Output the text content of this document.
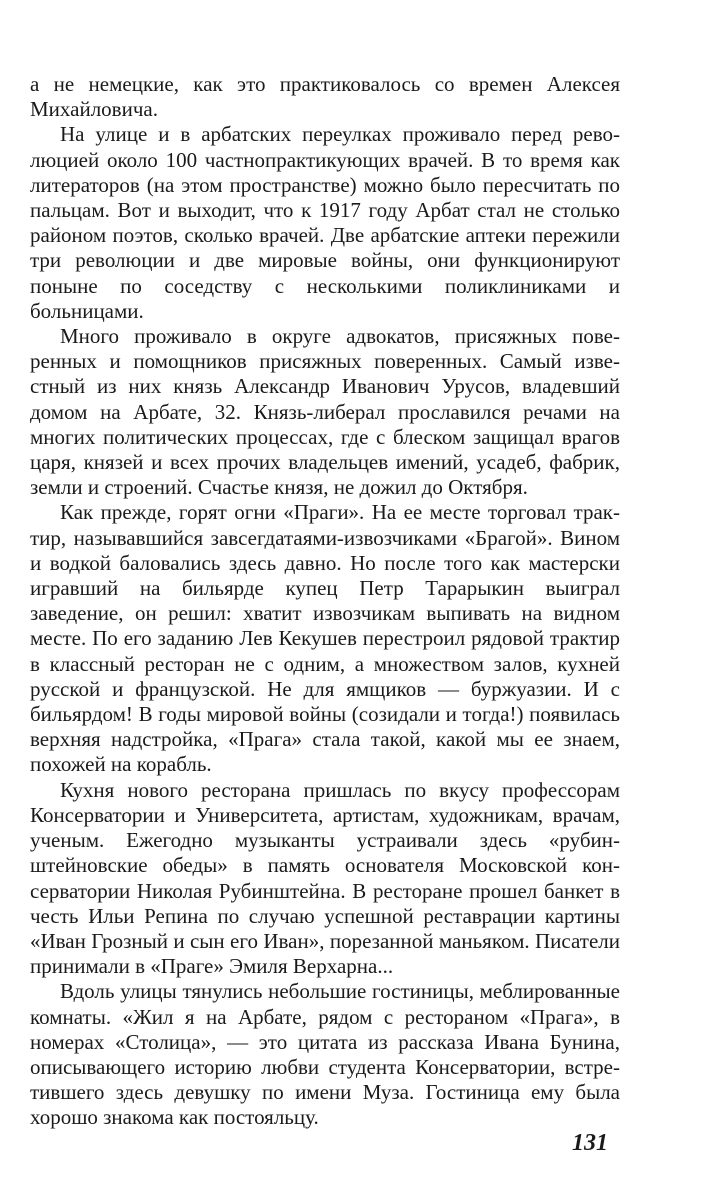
а не немецкие, как это практиковалось со времен Алексея Михайловича.

На улице и в арбатских переулках проживало перед революцией около 100 частнопрактикующих врачей. В то время как литераторов (на этом пространстве) можно было пересчитать по пальцам. Вот и выходит, что к 1917 году Арбат стал не столько районом поэтов, сколько врачей. Две арбатские аптеки пережили три революции и две мировые войны, они функционируют поныне по соседству с несколькими поликлиниками и больницами.

Много проживало в округе адвокатов, присяжных поверенных и помощников присяжных поверенных. Самый известный из них князь Александр Иванович Урусов, владевший домом на Арбате, 32. Князь-либерал прославился речами на многих политических процессах, где с блеском защищал врагов царя, князей и всех прочих владельцев имений, усадеб, фабрик, земли и строений. Счастье князя, не дожил до Октября.

Как прежде, горят огни «Праги». На ее месте торговал трактир, называвшийся завсегдатаями-извозчиками «Брагой». Вином и водкой баловались здесь давно. Но после того как мастерски игравший на бильярде купец Петр Тарарыкин выиграл заведение, он решил: хватит извозчикам выпивать на видном месте. По его заданию Лев Кекушев перестроил рядовой трактир в классный ресторан не с одним, а множеством залов, кухней русской и французской. Не для ямщиков — буржуазии. И с бильярдом! В годы мировой войны (созидали и тогда!) появилась верхняя надстройка, «Прага» стала такой, какой мы ее знаем, похожей на корабль.

Кухня нового ресторана пришлась по вкусу профессорам Консерватории и Университета, артистам, художникам, врачам, ученым. Ежегодно музыканты устраивали здесь «рубинштейновские обеды» в память основателя Московской консерватории Николая Рубинштейна. В ресторане прошел банкет в честь Ильи Репина по случаю успешной реставрации картины «Иван Грозный и сын его Иван», порезанной маньяком. Писатели принимали в «Праге» Эмиля Верхарна...

Вдоль улицы тянулись небольшие гостиницы, меблированные комнаты. «Жил я на Арбате, рядом с рестораном «Прага», в номерах «Столица», — это цитата из рассказа Ивана Бунина, описывающего историю любви студента Консерватории, встретившего здесь девушку по имени Муза. Гостиница ему была хорошо знакома как постояльцу.

131
